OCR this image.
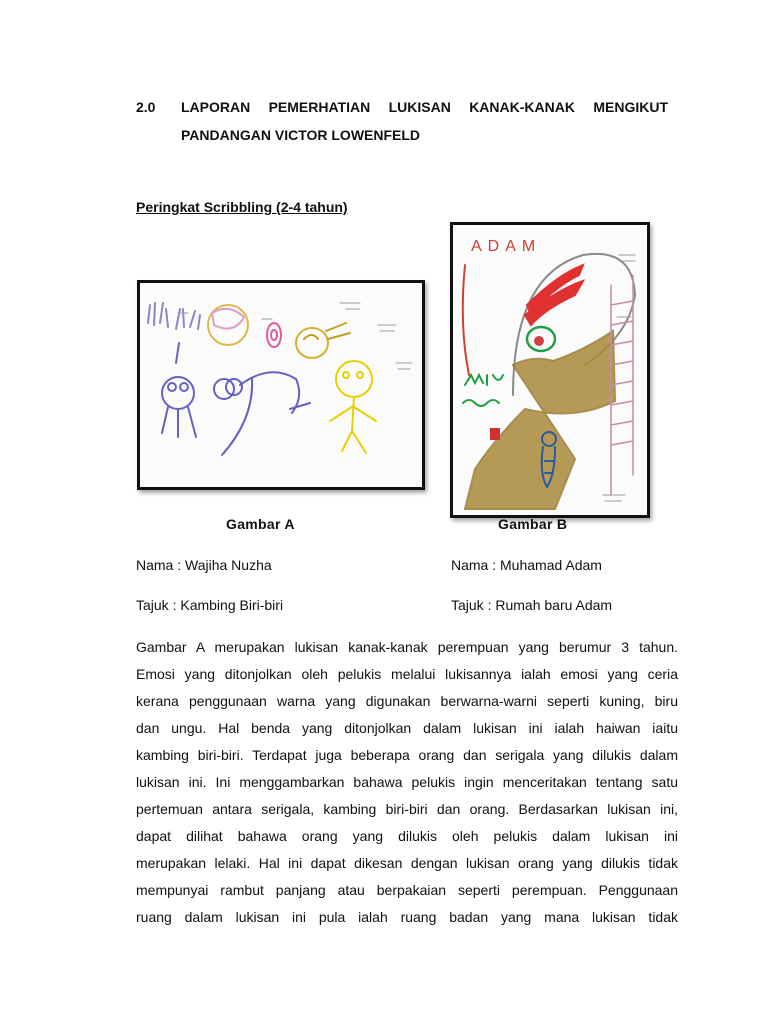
2.0 LAPORAN PEMERHATIAN LUKISAN KANAK-KANAK MENGIKUT PANDANGAN VICTOR LOWENFELD
Peringkat Scribbling (2-4 tahun)
ADAM
Gambar A	Gambar B
Nama : Wajiha Nuzha	Nama : Muhamad Adam
Tajuk : Kambing Biri-biri	Tajuk : Rumah baru Adam
Gambar A merupakan lukisan kanak-kanak perempuan yang berumur 3 tahun.
Emosi yang ditonjolkan oleh pelukis melalui lukisannya ialah emosi yang ceria
kerana penggunaan warna yang digunakan berwarna-warni seperti kuning, biru
dan ungu. Hal benda yang ditonjolkan dalam lukisan ini ialah haiwan iaitu
kambing biri-biri. Terdapat juga beberapa orang dan serigala yang dilukis dalam
lukisan ini. Ini menggambarkan bahawa pelukis ingin menceritakan tentang satu
pertemuan antara serigala, kambing biri-biri dan orang. Berdasarkan lukisan ini,
dapat dilihat bahawa orang yang dilukis oleh pelukis dalam lukisan ini
merupakan lelaki. Hal ini dapat dikesan dengan lukisan orang yang dilukis tidak
mempunyai rambut panjang atau berpakaian seperti perempuan. Penggunaan
ruang dalam lukisan ini pula ialah ruang badan yang mana lukisan tidak
